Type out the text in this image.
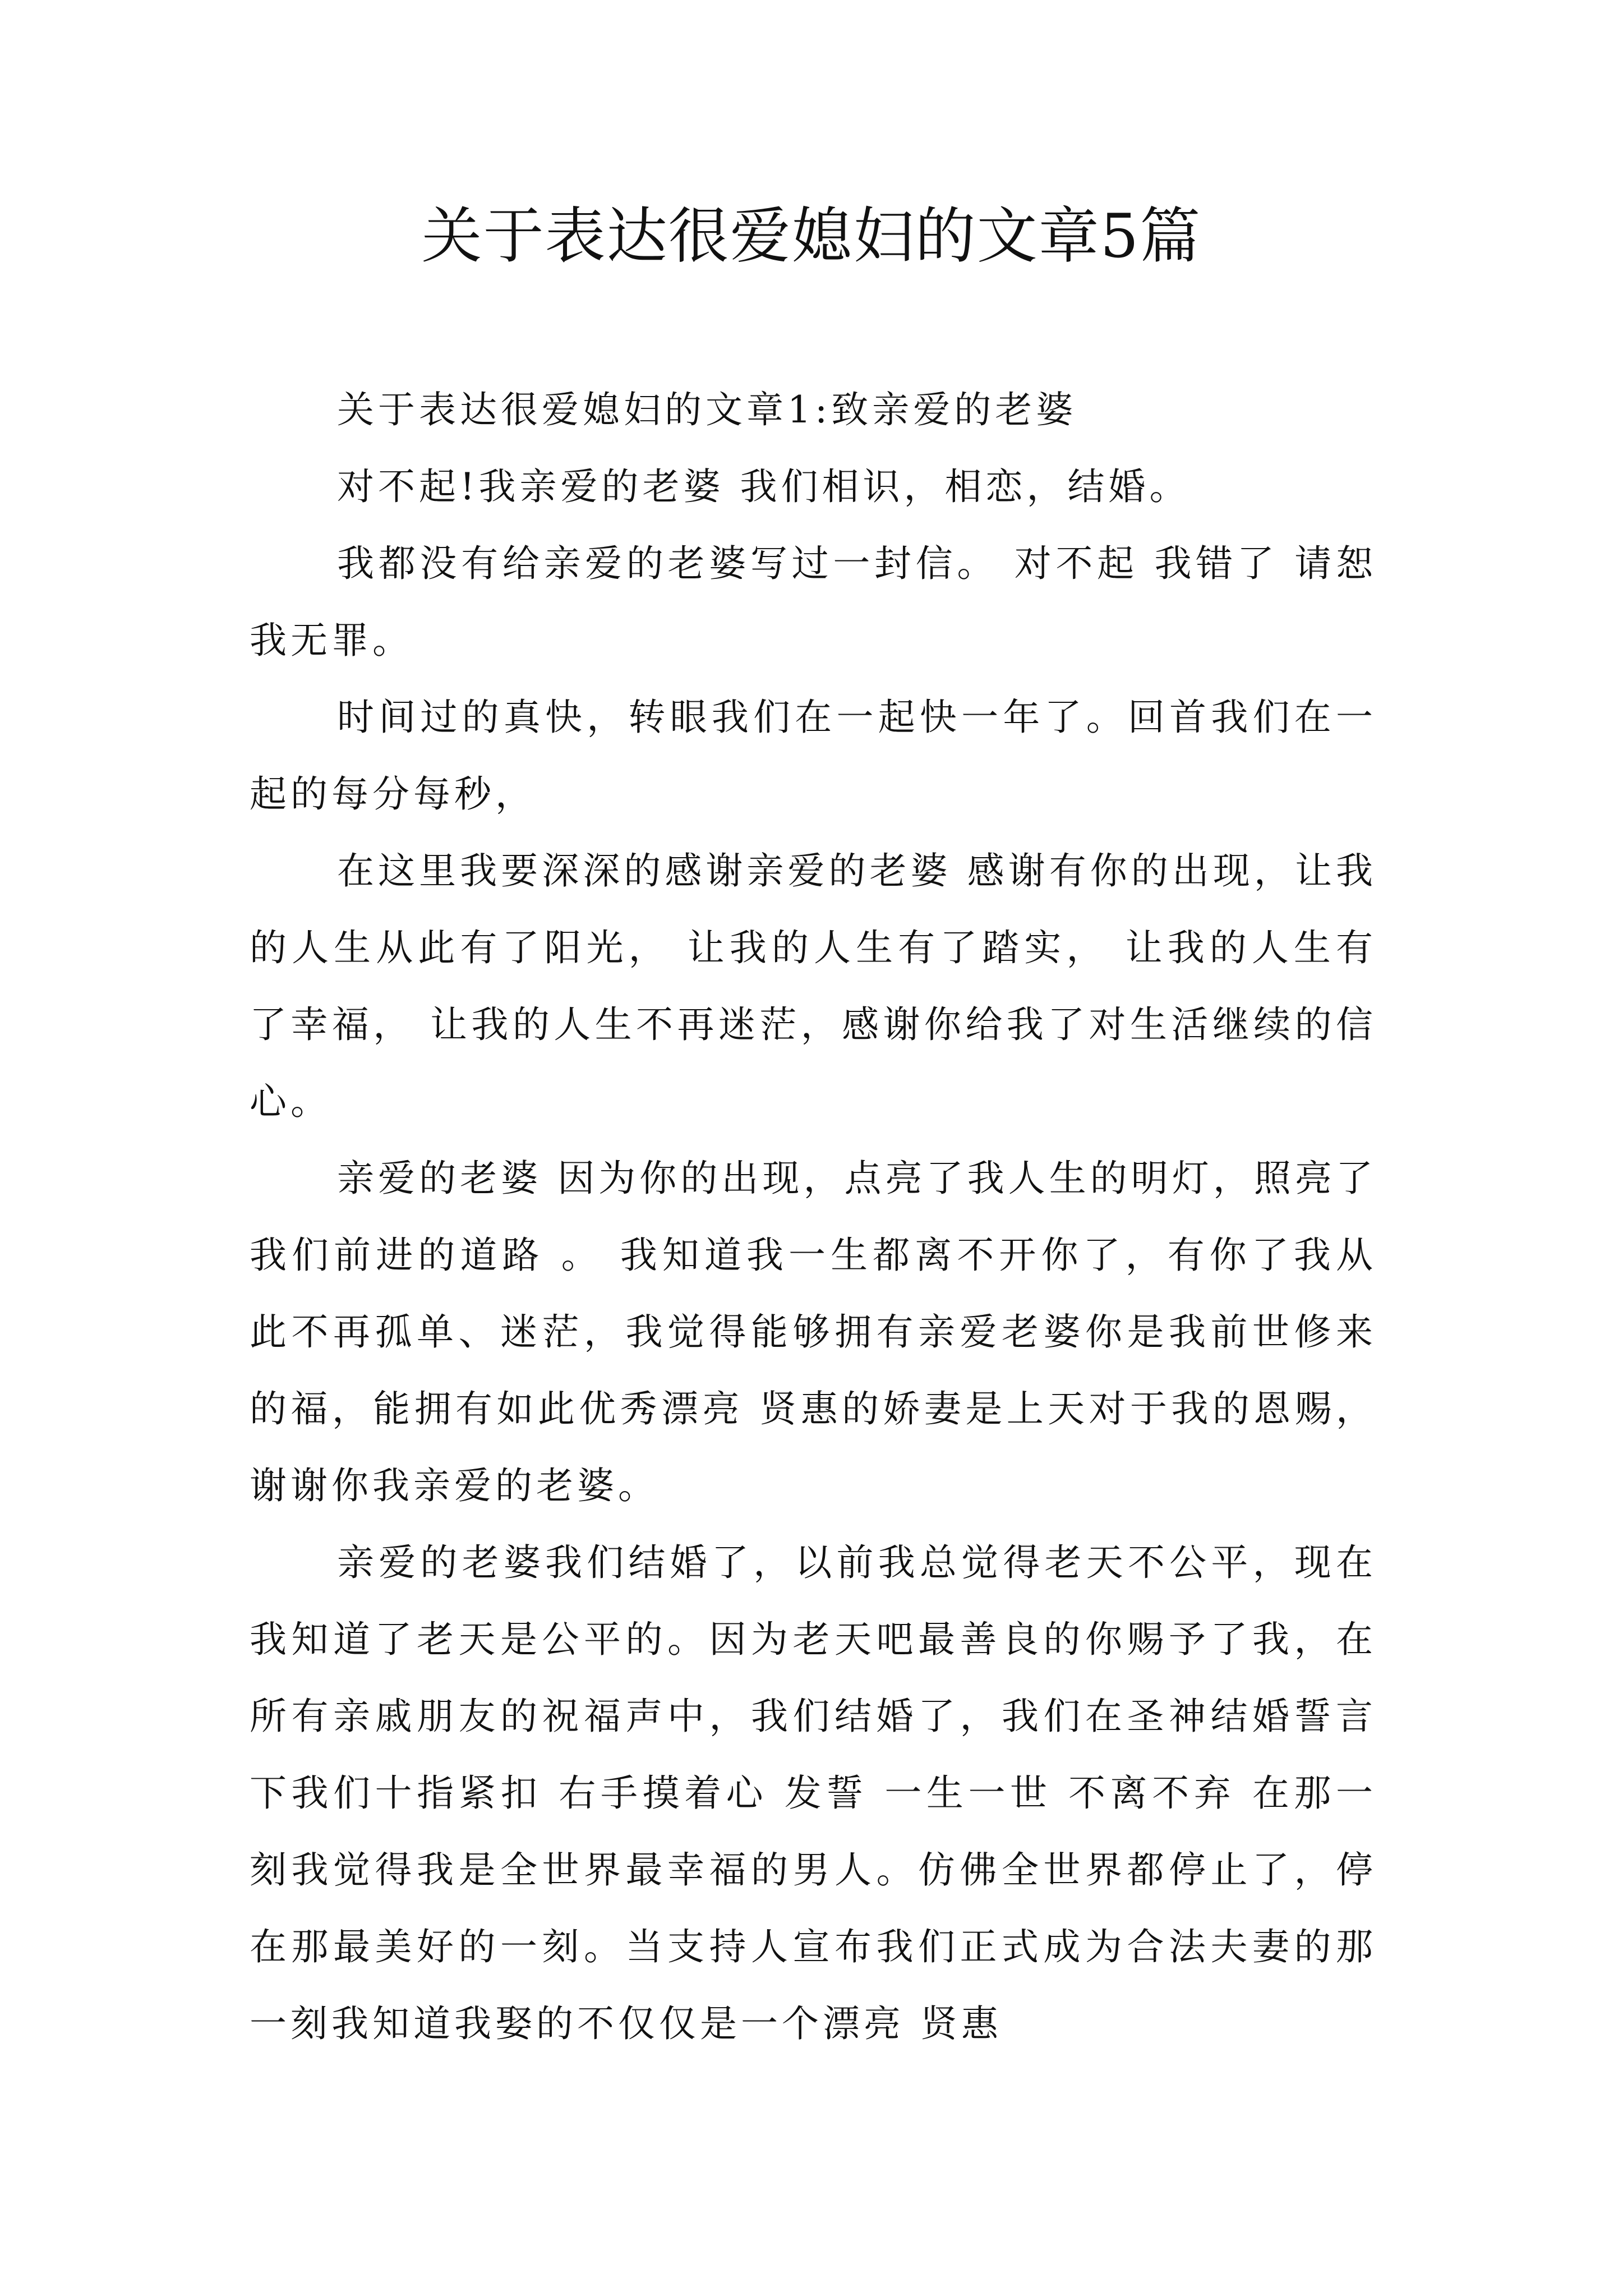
关于表达很爱媳妇的文章5篇

关于表达很爱媳妇的文章1:致亲爱的老婆

对不起!我亲爱的老婆 我们相识，相恋，结婚。

我都没有给亲爱的老婆写过一封信。 对不起 我错了 请恕我无罪。

时间过的真快，转眼我们在一起快一年了。回首我们在一起的每分每秒，

在这里我要深深的感谢亲爱的老婆 感谢有你的出现，让我的人生从此有了阳光， 让我的人生有了踏实， 让我的人生有了幸福， 让我的人生不再迷茫，感谢你给我了对生活继续的信心。

亲爱的老婆 因为你的出现，点亮了我人生的明灯，照亮了我们前进的道路 。 我知道我一生都离不开你了，有你了我从此不再孤单、迷茫，我觉得能够拥有亲爱老婆你是我前世修来的福，能拥有如此优秀漂亮 贤惠的娇妻是上天对于我的恩赐，谢谢你我亲爱的老婆。

亲爱的老婆我们结婚了，以前我总觉得老天不公平，现在我知道了老天是公平的。因为老天吧最善良的你赐予了我，在所有亲戚朋友的祝福声中，我们结婚了，我们在圣神结婚誓言下我们十指紧扣 右手摸着心 发誓 一生一世 不离不弃 在那一刻我觉得我是全世界最幸福的男人。仿佛全世界都停止了，停在那最美好的一刻。当支持人宣布我们正式成为合法夫妻的那一刻我知道我娶的不仅仅是一个漂亮 贤惠
